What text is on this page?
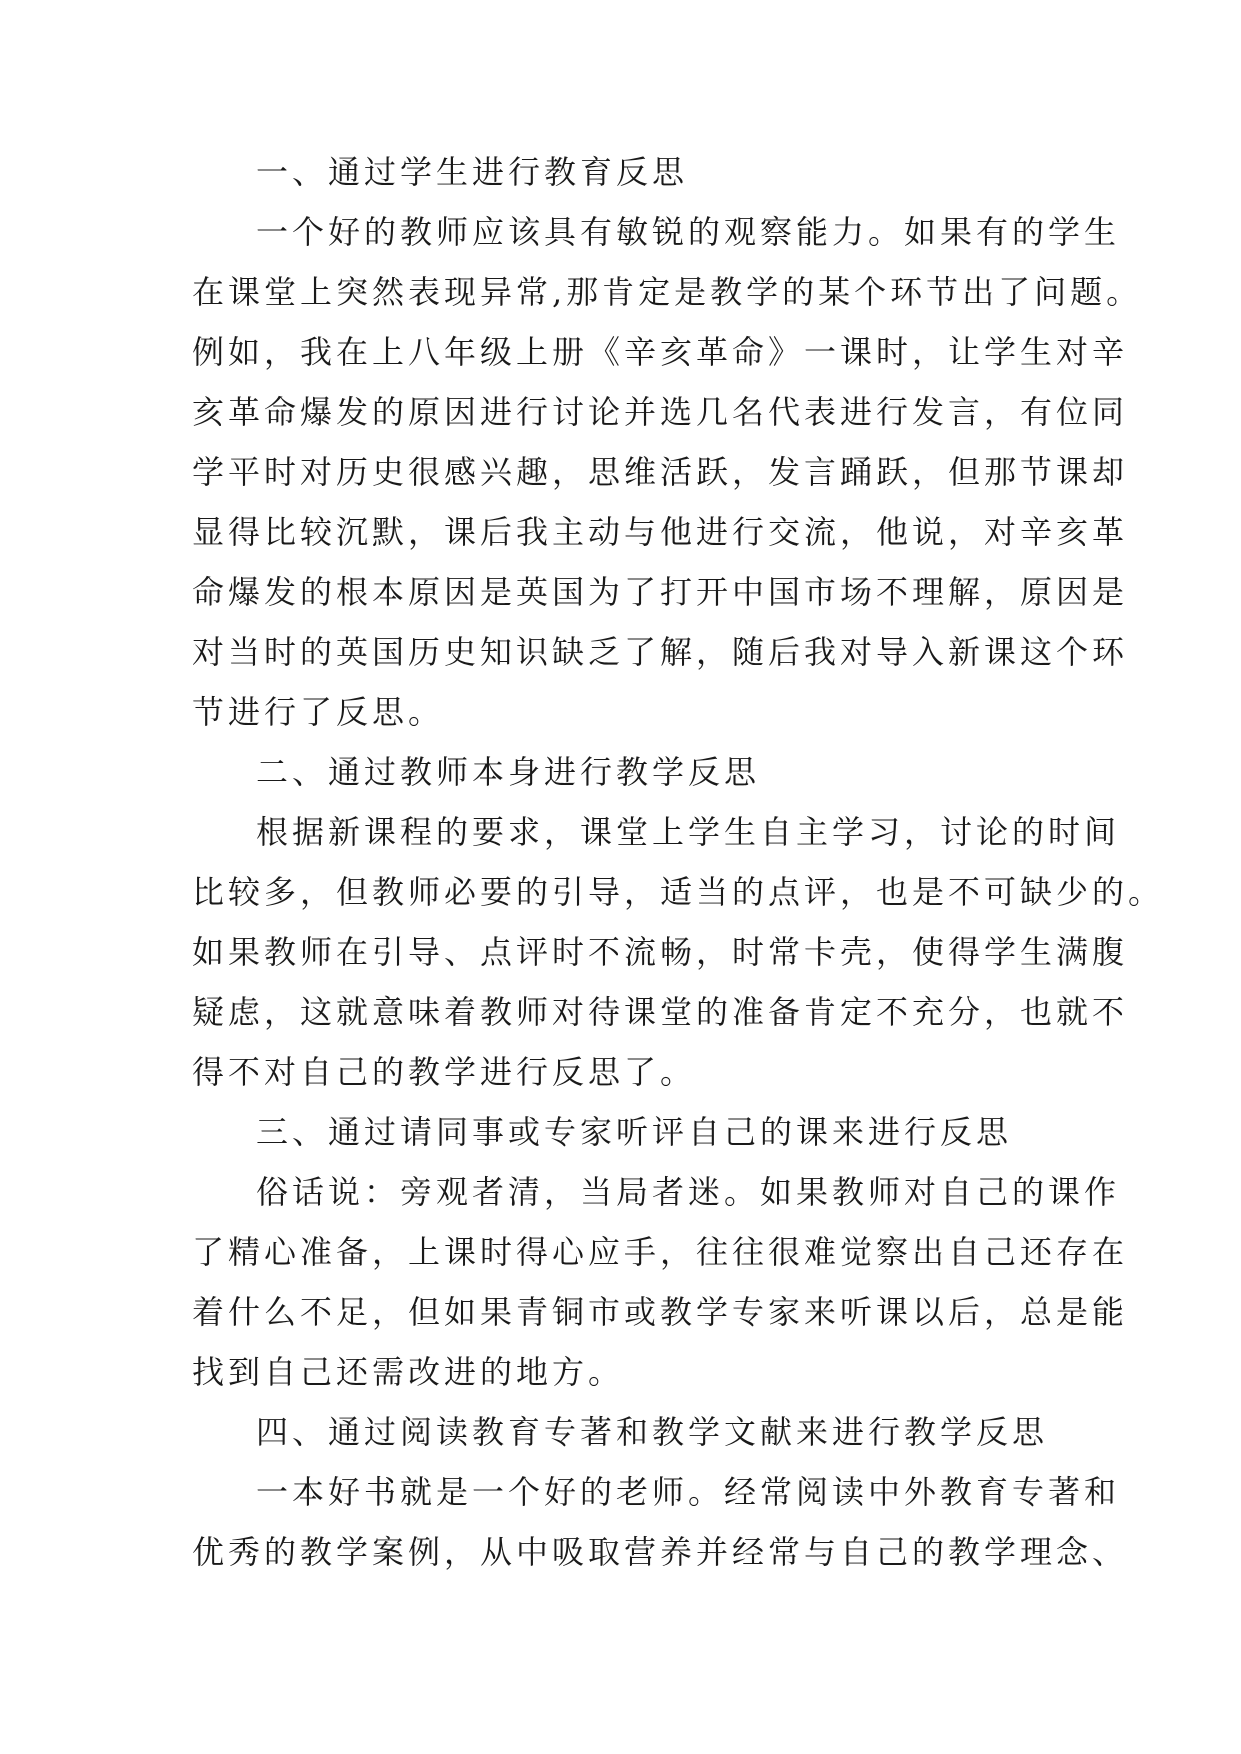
一、通过学生进行教育反思
一个好的教师应该具有敏锐的观察能力。如果有的学生
在课堂上突然表现异常,那肯定是教学的某个环节出了问题。
例如，我在上八年级上册《辛亥革命》一课时，让学生对辛
亥革命爆发的原因进行讨论并选几名代表进行发言，有位同
学平时对历史很感兴趣，思维活跃，发言踊跃，但那节课却
显得比较沉默，课后我主动与他进行交流，他说，对辛亥革
命爆发的根本原因是英国为了打开中国市场不理解，原因是
对当时的英国历史知识缺乏了解，随后我对导入新课这个环
节进行了反思。
二、通过教师本身进行教学反思
根据新课程的要求，课堂上学生自主学习，讨论的时间
比较多，但教师必要的引导，适当的点评，也是不可缺少的。
如果教师在引导、点评时不流畅，时常卡壳，使得学生满腹
疑虑，这就意味着教师对待课堂的准备肯定不充分，也就不
得不对自己的教学进行反思了。
三、通过请同事或专家听评自己的课来进行反思
俗话说：旁观者清，当局者迷。如果教师对自己的课作
了精心准备，上课时得心应手，往往很难觉察出自己还存在
着什么不足，但如果青铜市或教学专家来听课以后，总是能
找到自己还需改进的地方。
四、通过阅读教育专著和教学文献来进行教学反思
一本好书就是一个好的老师。经常阅读中外教育专著和
优秀的教学案例，从中吸取营养并经常与自己的教学理念、
